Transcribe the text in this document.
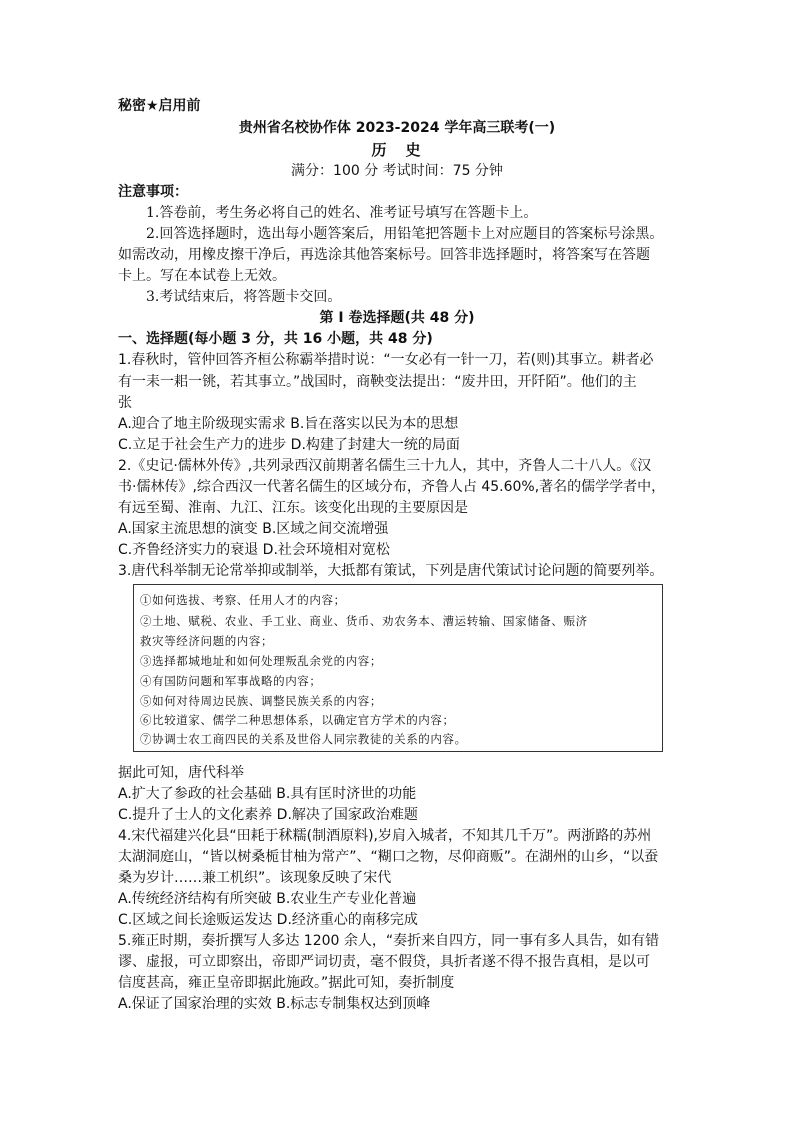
秘密★启用前
贵州省名校协作体 2023-2024 学年高三联考(一)
历　史
满分：100 分 考试时间：75 分钟
注意事项：
1.答卷前，考生务必将自己的姓名、准考证号填写在答题卡上。
2.回答选择题时，选出每小题答案后，用铅笔把答题卡上对应题目的答案标号涂黑。
如需改动，用橡皮擦干净后，再选涂其他答案标号。回答非选择题时，将答案写在答题
卡上。写在本试卷上无效。
3.考试结束后，将答题卡交回。
第 I 卷选择题(共 48 分)
一、选择题(每小题 3 分，共 16 小题，共 48 分)
1.春秋时，管仲回答齐桓公称霸举措时说：“一女必有一针一刀，若(则)其事立。耕者必
有一耒一耜一铫，若其事立。”战国时，商鞅变法提出：“废井田，开阡陌”。他们的主
张
A.迎合了地主阶级现实需求 B.旨在落实以民为本的思想
C.立足于社会生产力的进步 D.构建了封建大一统的局面
2.《史记·儒林外传》,共列录西汉前期著名儒生三十九人，其中，齐鲁人二十八人。《汉
书·儒林传》,综合西汉一代著名儒生的区域分布，齐鲁人占 45.60%,著名的儒学学者中，
有远至蜀、淮南、九江、江东。该变化出现的主要原因是
A.国家主流思想的演变 B.区域之间交流增强
C.齐鲁经济实力的衰退 D.社会环境相对宽松
3.唐代科举制无论常举抑或制举，大抵都有策试，下列是唐代策试讨论问题的简要列举。
①如何选拔、考察、任用人才的内容；
②土地、赋税、农业、手工业、商业、货币、劝农务本、漕运转输、国家储备、赈济
救灾等经济问题的内容；
③选择都城地址和如何处理叛乱余党的内容；
④有国防问题和军事战略的内容；
⑤如何对待周边民族、调整民族关系的内容；
⑥比较道家、儒学二种思想体系，以确定官方学术的内容；
⑦协调士农工商四民的关系及世俗人同宗教徒的关系的内容。
据此可知，唐代科举
A.扩大了参政的社会基础 B.具有匡时济世的功能
C.提升了士人的文化素养 D.解决了国家政治难题
4.宋代福建兴化县“田耗于秫糯(制酒原料),岁肩入城者，不知其几千万”。两浙路的苏州
太湖洞庭山，“皆以树桑栀甘柚为常产”、“糊口之物，尽仰商贩”。在湖州的山乡，“以蚕
桑为岁计……兼工机织”。该现象反映了宋代
A.传统经济结构有所突破 B.农业生产专业化普遍
C.区域之间长途贩运发达 D.经济重心的南移完成
5.雍正时期，奏折撰写人多达 1200 余人，“奏折来自四方，同一事有多人具告，如有错
谬、虚报，可立即察出，帝即严词切责，毫不假贷，具折者遂不得不报告真相，是以可
信度甚高，雍正皇帝即据此施政。”据此可知，奏折制度
A.保证了国家治理的实效 B.标志专制集权达到顶峰
